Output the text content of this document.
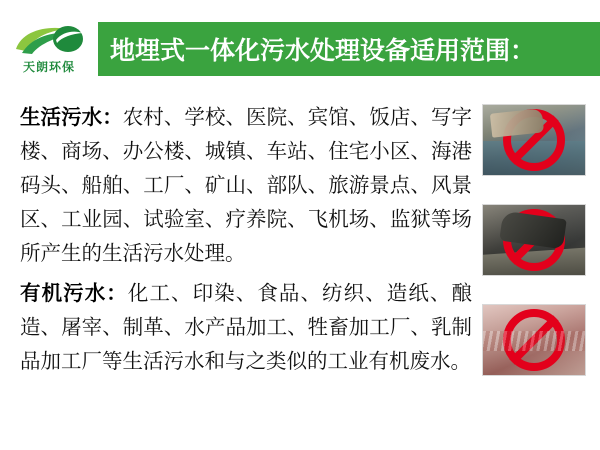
天朗环保
地埋式一体化污水处理设备适用范围：
生活污水：农村、学校、医院、宾馆、饭店、写字楼、商场、办公楼、城镇、车站、住宅小区、海港码头、船舶、工厂、矿山、部队、旅游景点、风景区、工业园、试验室、疗养院、飞机场、监狱等场所产生的生活污水处理。
有机污水：化工、印染、食品、纺织、造纸、酿造、屠宰、制革、水产品加工、牲畜加工厂、乳制品加工厂等生活污水和与之类似的工业有机废水。
